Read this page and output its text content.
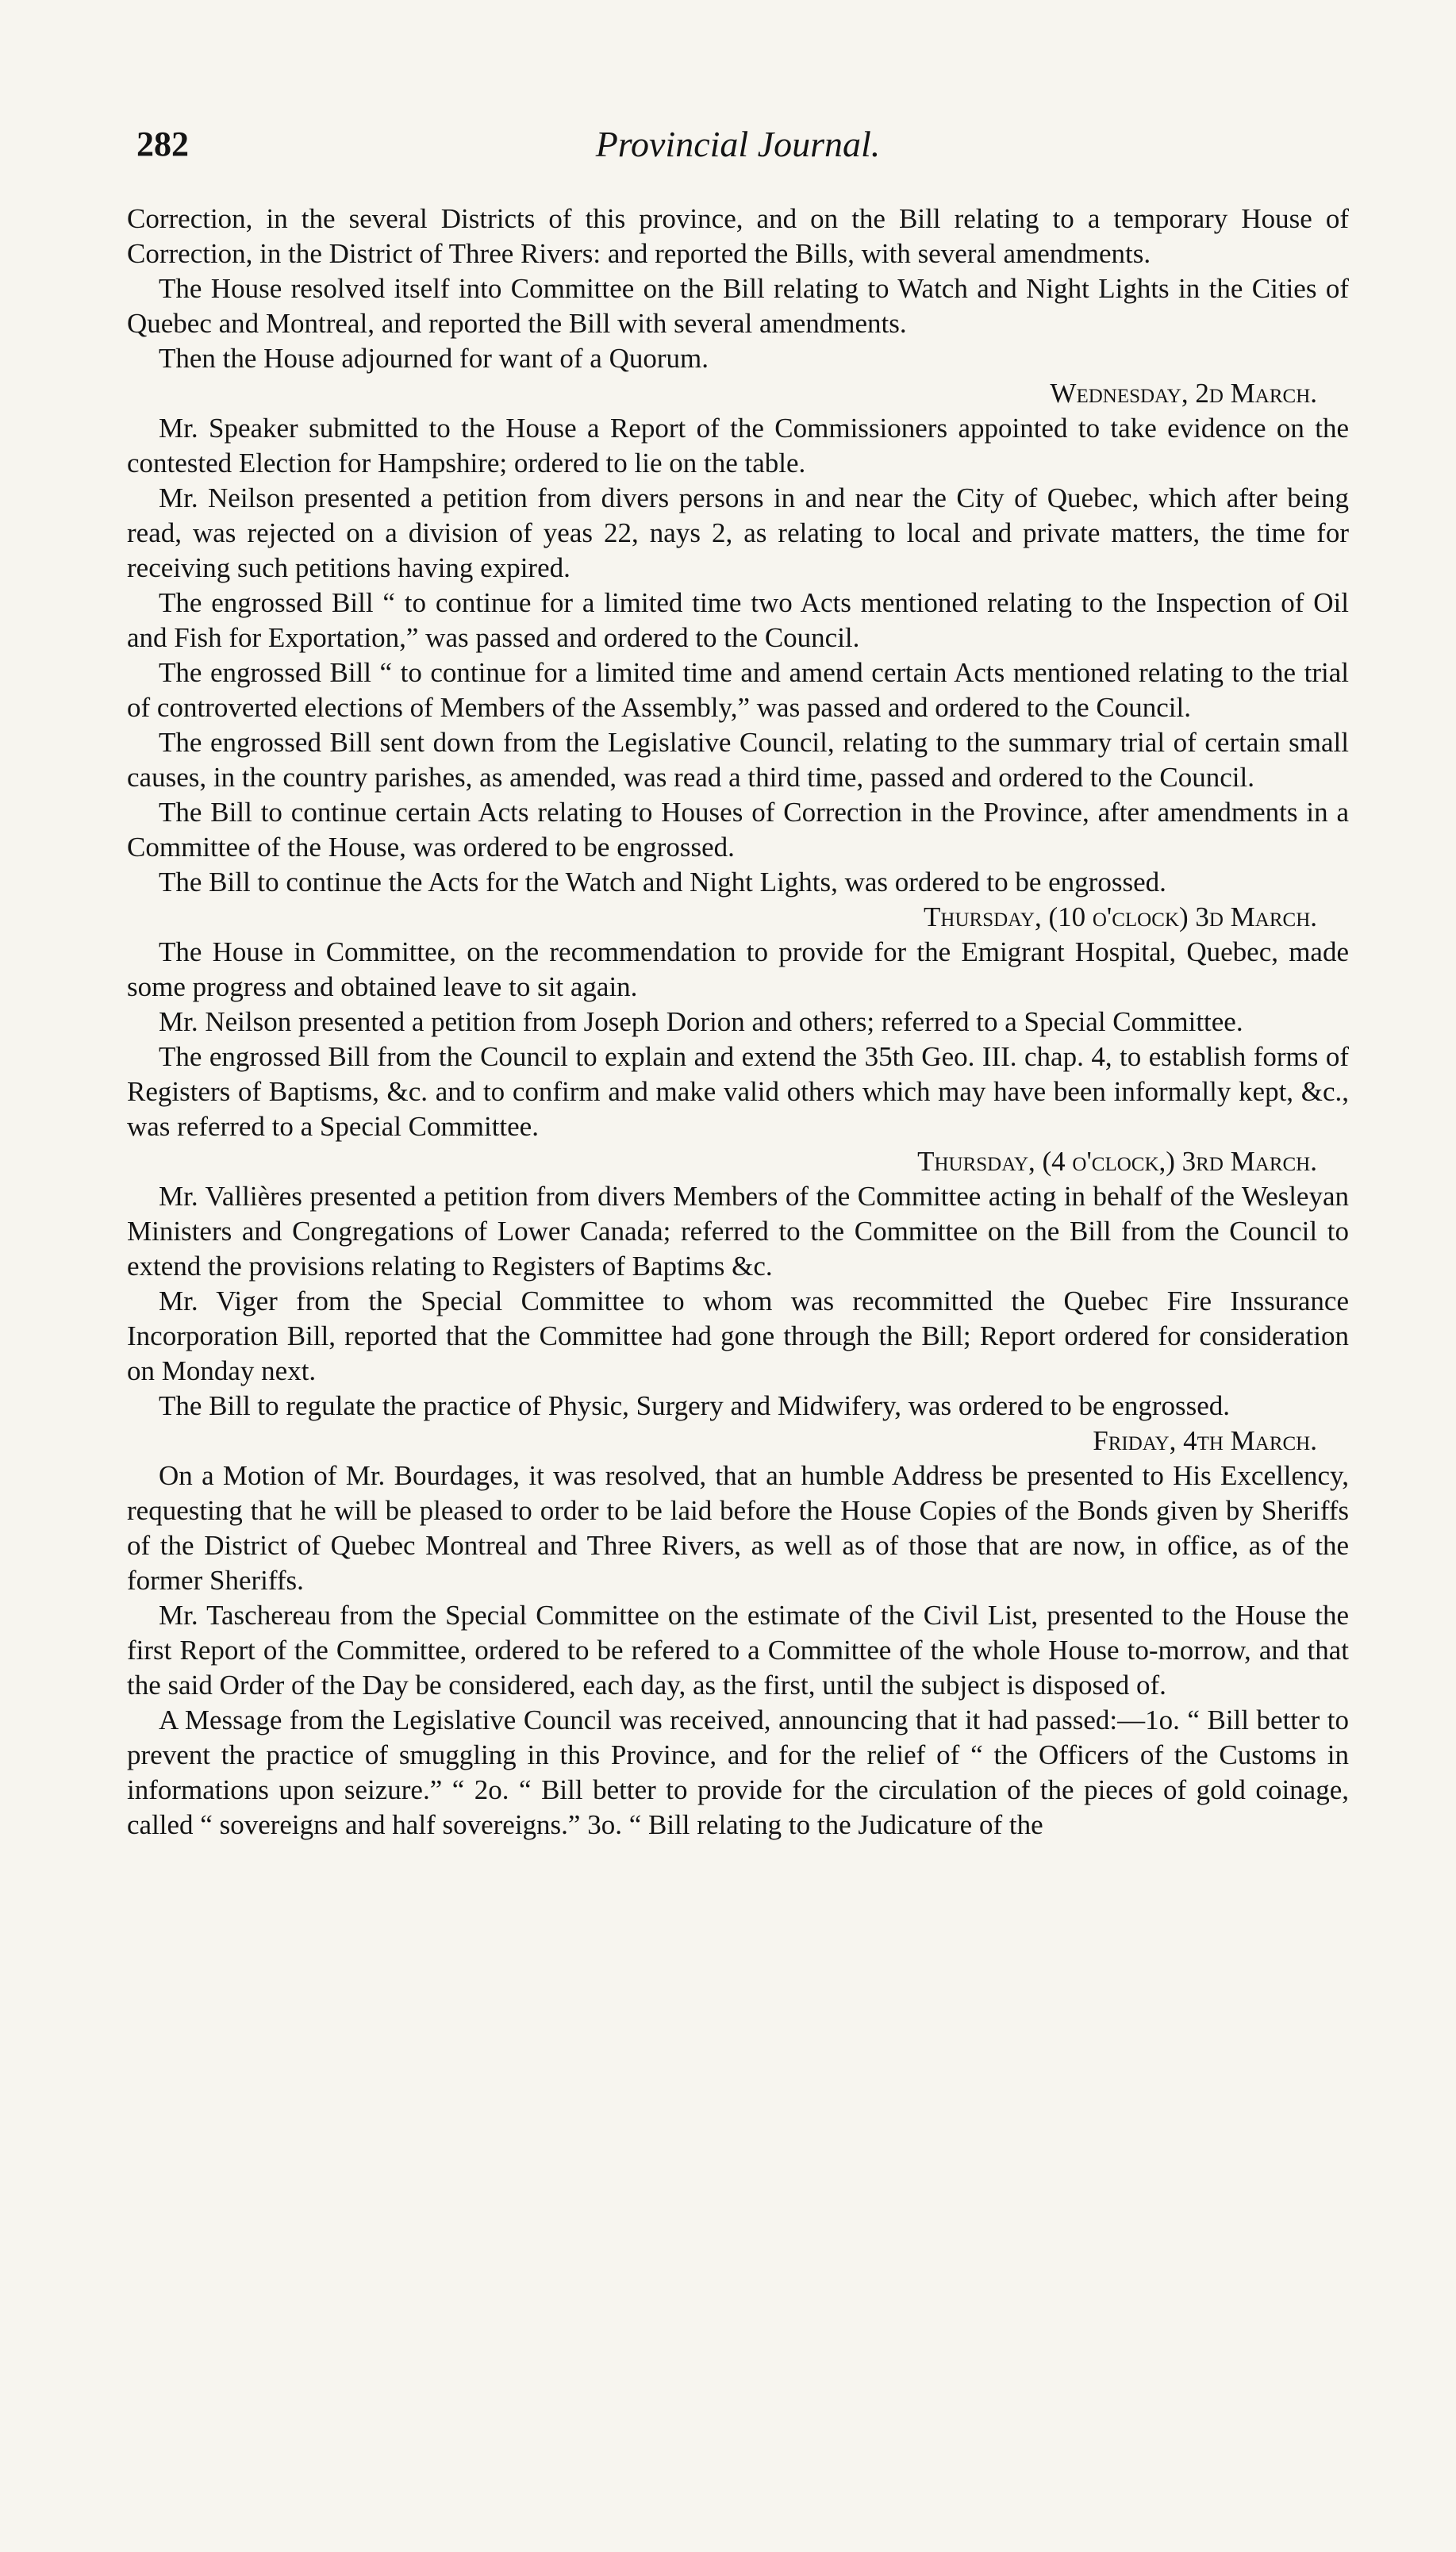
282	Provincial Journal.

Correction, in the several Districts of this province, and on the Bill relating to a temporary House of Correction, in the District of Three Rivers: and reported the Bills, with several amendments.

The House resolved itself into Committee on the Bill relating to Watch and Night Lights in the Cities of Quebec and Montreal, and reported the Bill with several amendments.

Then the House adjourned for want of a Quorum.

Wednesday, 2d March.

Mr. Speaker submitted to the House a Report of the Commissioners appointed to take evidence on the contested Election for Hampshire; ordered to lie on the table.

Mr. Neilson presented a petition from divers persons in and near the City of Quebec, which after being read, was rejected on a division of yeas 22, nays 2, as relating to local and private matters, the time for receiving such petitions having expired.

The engrossed Bill “ to continue for a limited time two Acts mentioned relating to the Inspection of Oil and Fish for Exportation,” was passed and ordered to the Council.

The engrossed Bill “ to continue for a limited time and amend certain Acts mentioned relating to the trial of controverted elections of Members of the Assembly,” was passed and ordered to the Council.

The engrossed Bill sent down from the Legislative Council, relating to the summary trial of certain small causes, in the country parishes, as amended, was read a third time, passed and ordered to the Council.

The Bill to continue certain Acts relating to Houses of Correction in the Province, after amendments in a Committee of the House, was ordered to be engrossed.

The Bill to continue the Acts for the Watch and Night Lights, was ordered to be engrossed.

Thursday, (10 o'clock) 3d March.

The House in Committee, on the recommendation to provide for the Emigrant Hospital, Quebec, made some progress and obtained leave to sit again.

Mr. Neilson presented a petition from Joseph Dorion and others; referred to a Special Committee.

The engrossed Bill from the Council to explain and extend the 35th Geo. III. chap. 4, to establish forms of Registers of Baptisms, &c. and to confirm and make valid others which may have been informally kept, &c., was referred to a Special Committee.

Thursday, (4 o'clock,) 3rd March.

Mr. Vallières presented a petition from divers Members of the Committee acting in behalf of the Wesleyan Ministers and Congregations of Lower Canada; referred to the Committee on the Bill from the Council to extend the provisions relating to Registers of Baptims &c.

Mr. Viger from the Special Committee to whom was recommitted the Quebec Fire Inssurance Incorporation Bill, reported that the Committee had gone through the Bill; Report ordered for consideration on Monday next.

The Bill to regulate the practice of Physic, Surgery and Midwifery, was ordered to be engrossed.

Friday, 4th March.

On a Motion of Mr. Bourdages, it was resolved, that an humble Address be presented to His Excellency, requesting that he will be pleased to order to be laid before the House Copies of the Bonds given by Sheriffs of the District of Quebec Montreal and Three Rivers, as well as of those that are now, in office, as of the former Sheriffs.

Mr. Taschereau from the Special Committee on the estimate of the Civil List, presented to the House the first Report of the Committee, ordered to be refered to a Committee of the whole House to-morrow, and that the said Order of the Day be considered, each day, as the first, until the subject is disposed of.

A Message from the Legislative Council was received, announcing that it had passed:—1o. “ Bill better to prevent the practice of smuggling in this Province, and for the relief of “ the Officers of the Customs in informations upon seizure.” “ 2o. “ Bill better to provide for the circulation of the pieces of gold coinage, called “ sovereigns and half sovereigns.” 3o. “ Bill relating to the Judicature of the
